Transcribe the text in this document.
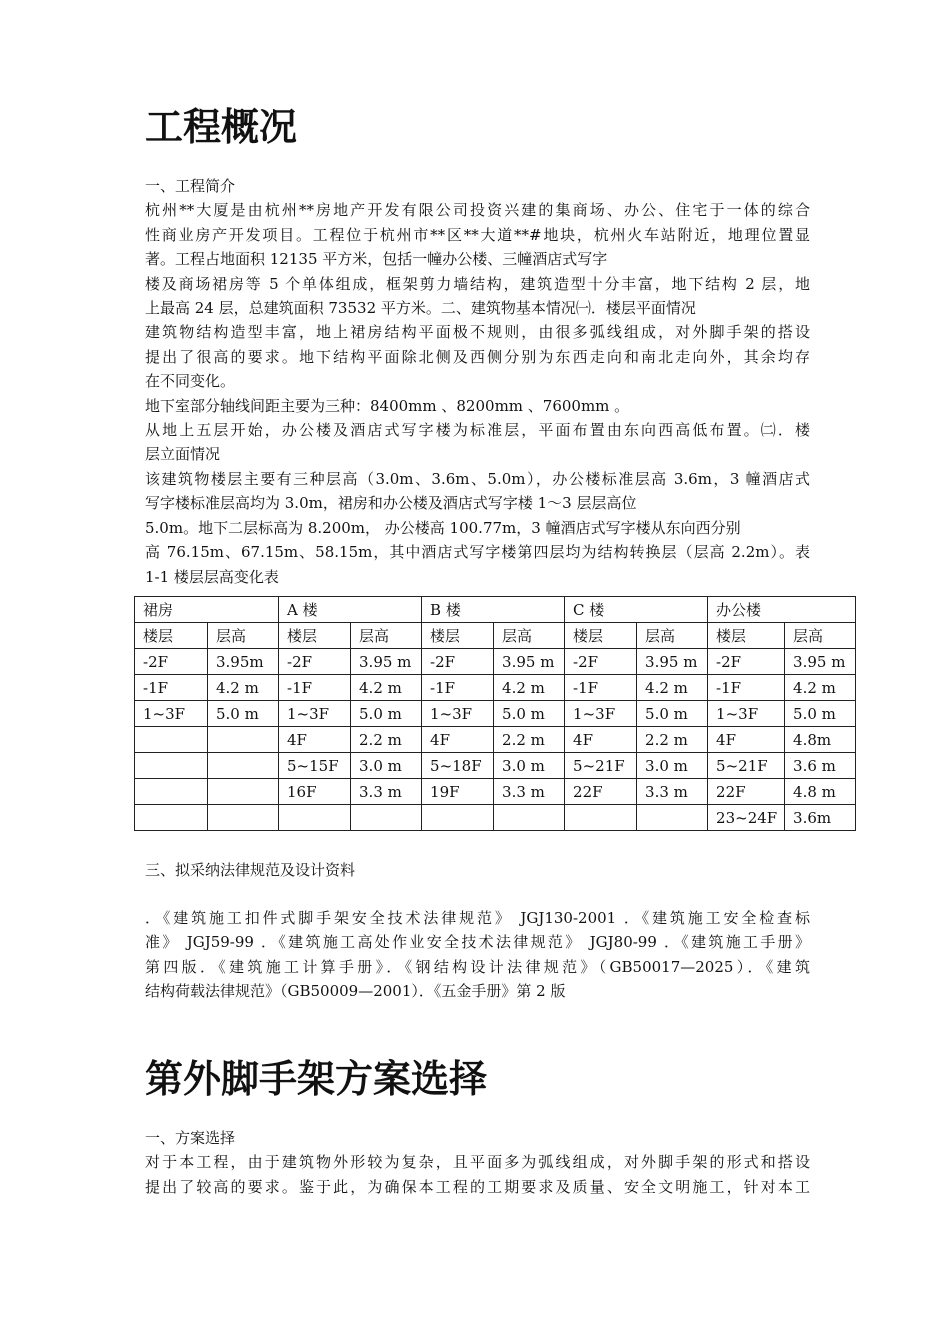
工程概况
一、工程简介
杭州**大厦是由杭州**房地产开发有限公司投资兴建的集商场、办公、住宅于一体的综合
性商业房产开发项目。工程位于杭州市**区**大道**#地块，杭州火车站附近，地理位置显
著。工程占地面积 12135 平方米，包括一幢办公楼、三幢酒店式写字
楼及商场裙房等 5 个单体组成，框架剪力墙结构，建筑造型十分丰富，地下结构 2 层，地
上最高 24 层，总建筑面积 73532 平方米。二、建筑物基本情况㈠．楼层平面情况
建筑物结构造型丰富，地上裙房结构平面极不规则，由很多弧线组成，对外脚手架的搭设
提出了很高的要求。地下结构平面除北侧及西侧分别为东西走向和南北走向外，其余均存
在不同变化。
地下室部分轴线间距主要为三种：8400mm 、8200mm 、7600mm 。
从地上五层开始，办公楼及酒店式写字楼为标准层，平面布置由东向西高低布置。㈡．楼
层立面情况
该建筑物楼层主要有三种层高（3.0m、3.6m、5.0m），办公楼标准层高 3.6m，3 幢酒店式
写字楼标准层高均为 3.0m，裙房和办公楼及酒店式写字楼 1～3 层层高位
5.0m。地下二层标高为 8.200m， 办公楼高 100.77m，3 幢酒店式写字楼从东向西分别
高 76.15m、67.15m、58.15m，其中酒店式写字楼第四层均为结构转换层（层高 2.2m）。表
1-1 楼层层高变化表
裙房		A 楼		B 楼		C 楼		办公楼	
楼层	层高	楼层	层高	楼层	层高	楼层	层高	楼层	层高
-2F	3.95m	-2F	3.95 m	-2F	3.95 m	-2F	3.95 m	-2F	3.95 m
-1F	4.2 m	-1F	4.2 m	-1F	4.2 m	-1F	4.2 m	-1F	4.2 m
1~3F	5.0 m	1~3F	5.0 m	1~3F	5.0 m	1~3F	5.0 m	1~3F	5.0 m
		4F	2.2 m	4F	2.2 m	4F	2.2 m	4F	4.8m
		5~15F	3.0 m	5~18F	3.0 m	5~21F	3.0 m	5~21F	3.6 m
		16F	3.3 m	19F	3.3 m	22F	3.3 m	22F	4.8 m
								23~24F	3.6m
三、拟采纳法律规范及设计资料
．《建筑施工扣件式脚手架安全技术法律规范》 JGJ130-2001 ．《建筑施工安全检查标
准》 JGJ59-99 ．《建筑施工高处作业安全技术法律规范》 JGJ80-99 ．《建筑施工手册》
第四版．《建筑施工计算手册》．《钢结构设计法律规范》（GB50017—2025）．《建筑
结构荷载法律规范》（GB50009—2001）．《五金手册》第 2 版
第外脚手架方案选择
一、方案选择
对于本工程，由于建筑物外形较为复杂，且平面多为弧线组成，对外脚手架的形式和搭设
提出了较高的要求。鉴于此，为确保本工程的工期要求及质量、安全文明施工，针对本工
